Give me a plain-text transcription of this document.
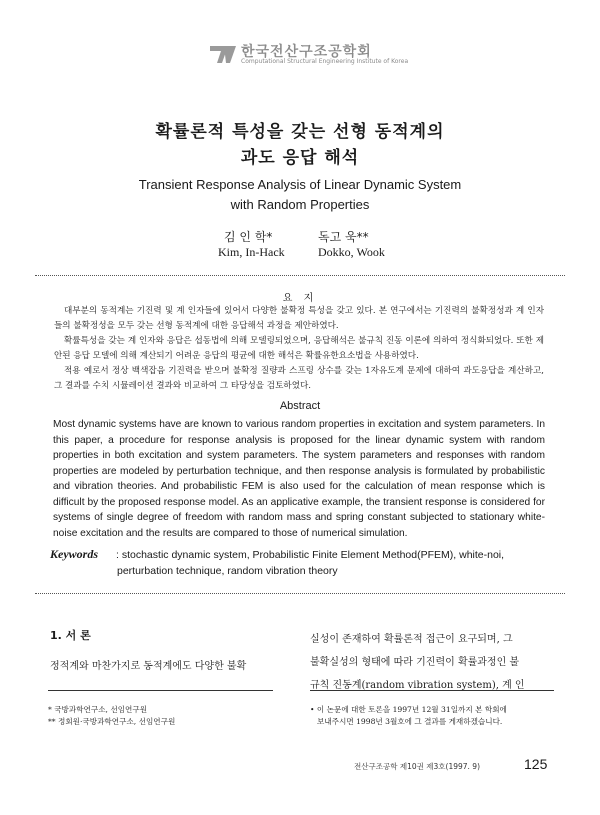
한국전산구조공학회
Computational Structural Engineering Institute of Korea
확률론적 특성을 갖는 선형 동적계의
과도 응답 해석
Transient Response Analysis of Linear Dynamic System
with Random Properties
김 인 학*
Kim, In-Hack
독고 욱**
Dokko, Wook
요 지

대부분의 동적계는 기진력 및 계 인자들에 있어서 다양한 불확정 특성을 갖고 있다. 본 연구에서는 기진력의 불확정성과 계 인자들의 불확정성을 모두 갖는 선형 동적계에 대한 응답해석 과정을 제안하였다.

확률특성을 갖는 계 인자와 응답은 섭동법에 의해 모델링되었으며, 응답해석은 불규칙 진동 이론에 의하여 정식화되었다. 또한 제안된 응답 모델에 의해 계산되기 어려운 응답의 평균에 대한 해석은 확률유한요소법을 사용하였다.

적용 예로서 정상 백색잡음 기진력을 받으며 불확정 질량과 스프링 상수를 갖는 1자유도계 문제에 대하여 과도응답을 계산하고, 그 결과를 수치 시뮬레이션 결과와 비교하여 그 타당성을 검토하였다.

Abstract
Most dynamic systems have are known to various random properties in excitation and system parameters. In this paper, a procedure for response analysis is proposed for the linear dynamic system with random properties in both excitation and system parameters. The system parameters and responses with random properties are modeled by perturbation technique, and then response analysis is formulated by probabilistic and vibration theories. And probabilistic FEM is also used for the calculation of mean response which is difficult by the proposed response model. As an applicative example, the transient response is considered for systems of single degree of freedom with random mass and spring constant subjected to stationary white-noise excitation and the results are compared to those of numerical simulation.
Keywords : stochastic dynamic system, Probabilistic Finite Element Method(PFEM), white-noi,
perturbation technique, random vibration theory
1. 서 론
정적계와 마찬가지로 동적계에도 다양한 불확
실성이 존재하여 확률론적 접근이 요구되며, 그
불확실성의 형태에 따라 기진력이 확률과정인 불
규칙 진동계(random vibration system), 계 인
* 국방과학연구소, 선임연구원
** 정회원·국방과학연구소, 선임연구원
• 이 논문에 대한 토론을 1997년 12월 31일까지 본 학회에
보내주시면 1998년 3월호에 그 결과를 게재하겠습니다.
전산구조공학 제10권 제3호(1997. 9)	125
